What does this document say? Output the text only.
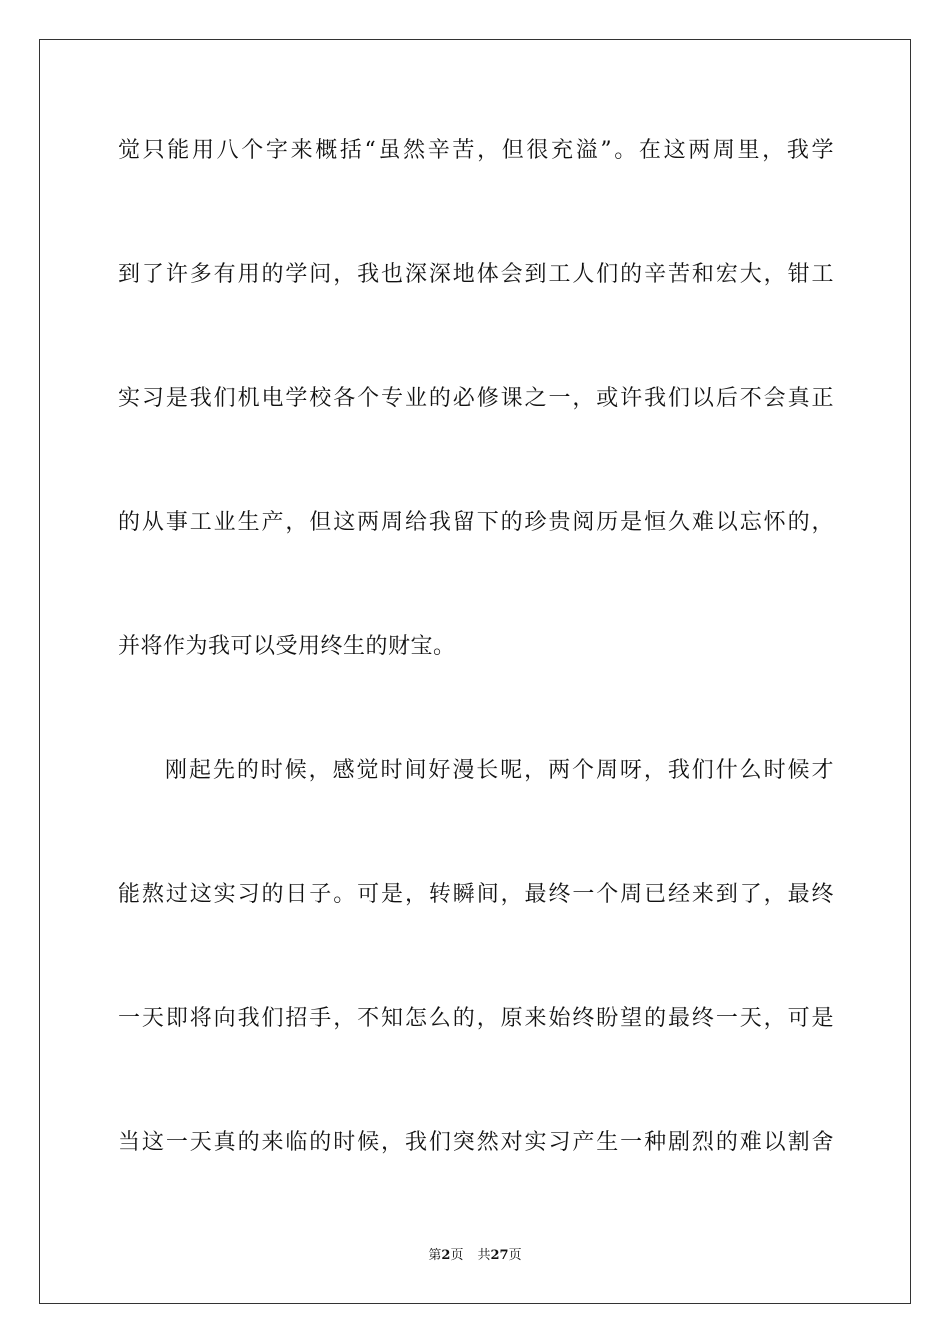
觉只能用八个字来概括“虽然辛苦，但很充溢”。在这两周里，我学
到了许多有用的学问，我也深深地体会到工人们的辛苦和宏大，钳工
实习是我们机电学校各个专业的必修课之一，或许我们以后不会真正
的从事工业生产，但这两周给我留下的珍贵阅历是恒久难以忘怀的，
并将作为我可以受用终生的财宝。
刚起先的时候，感觉时间好漫长呢，两个周呀，我们什么时候才
能熬过这实习的日子。可是，转瞬间，最终一个周已经来到了，最终
一天即将向我们招手，不知怎么的，原来始终盼望的最终一天，可是
当这一天真的来临的时候，我们突然对实习产生一种剧烈的难以割舍
第2页 共27页
